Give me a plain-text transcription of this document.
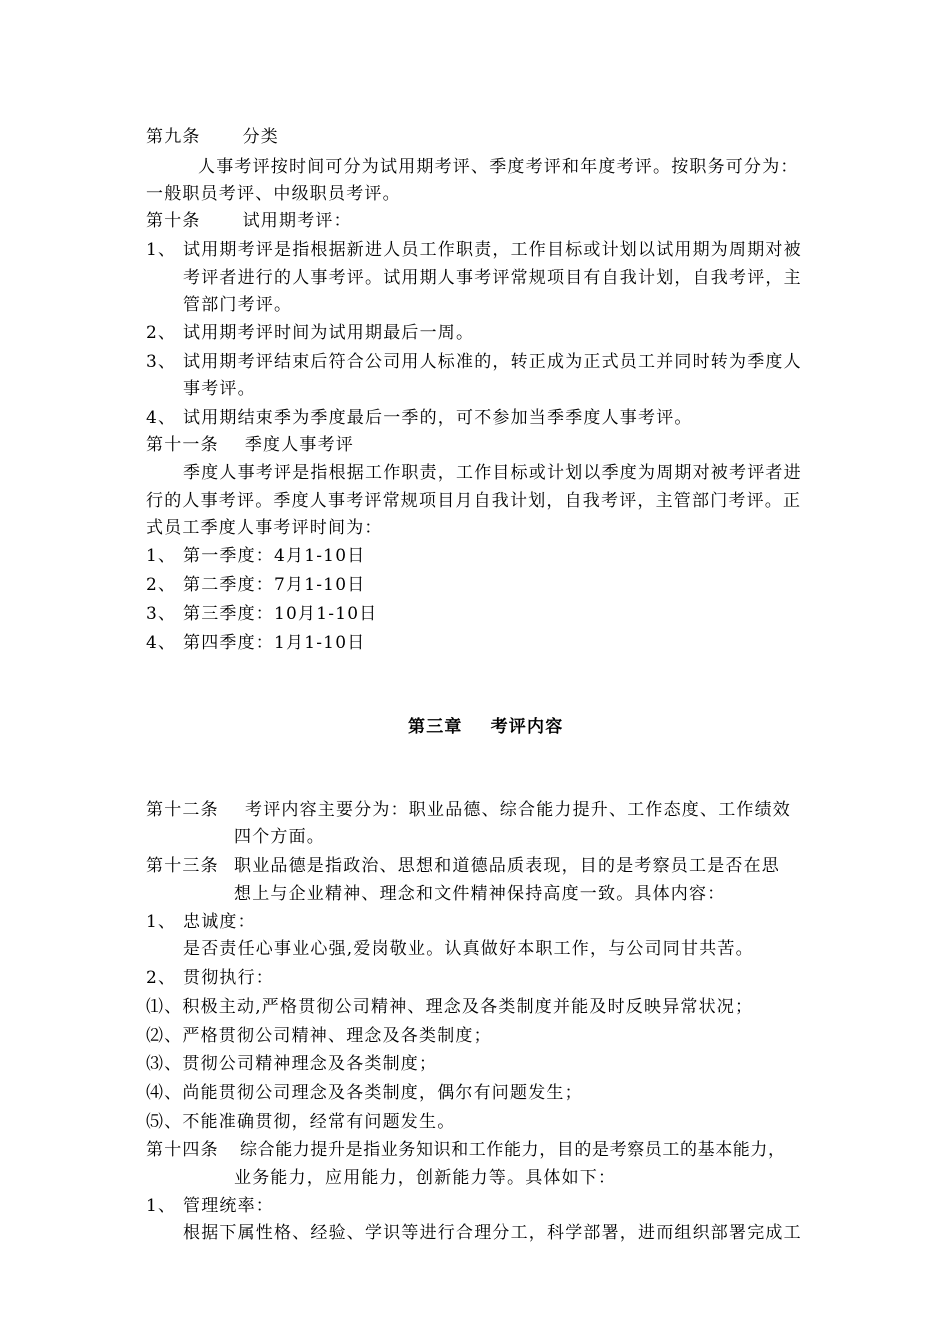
第九条 分类
人事考评按时间可分为试用期考评、季度考评和年度考评。按职务可分为：
一般职员考评、中级职员考评。
第十条 试用期考评：
1、 试用期考评是指根据新进人员工作职责，工作目标或计划以试用期为周期对被
考评者进行的人事考评。试用期人事考评常规项目有自我计划，自我考评，主
管部门考评。
2、 试用期考评时间为试用期最后一周。
3、 试用期考评结束后符合公司用人标准的，转正成为正式员工并同时转为季度人
事考评。
4、 试用期结束季为季度最后一季的，可不参加当季季度人事考评。
第十一条 季度人事考评
季度人事考评是指根据工作职责，工作目标或计划以季度为周期对被考评者进
行的人事考评。季度人事考评常规项目月自我计划，自我考评，主管部门考评。正
式员工季度人事考评时间为：
1、 第一季度：4月1-10日
2、 第二季度：7月1-10日
3、 第三季度：10月1-10日
4、 第四季度：1月1-10日
第三章 考评内容
第十二条 考评内容主要分为：职业品德、综合能力提升、工作态度、工作绩效
四个方面。
第十三条 职业品德是指政治、思想和道德品质表现，目的是考察员工是否在思
想上与企业精神、理念和文件精神保持高度一致。具体内容：
1、 忠诚度：
是否责任心事业心强,爱岗敬业。认真做好本职工作，与公司同甘共苦。
2、 贯彻执行：
⑴、积极主动,严格贯彻公司精神、理念及各类制度并能及时反映异常状况；
⑵、严格贯彻公司精神、理念及各类制度；
⑶、贯彻公司精神理念及各类制度；
⑷、尚能贯彻公司理念及各类制度，偶尔有问题发生；
⑸、不能准确贯彻，经常有问题发生。
第十四条 综合能力提升是指业务知识和工作能力，目的是考察员工的基本能力，
业务能力，应用能力，创新能力等。具体如下：
1、 管理统率：
根据下属性格、经验、学识等进行合理分工，科学部署，进而组织部署完成工
